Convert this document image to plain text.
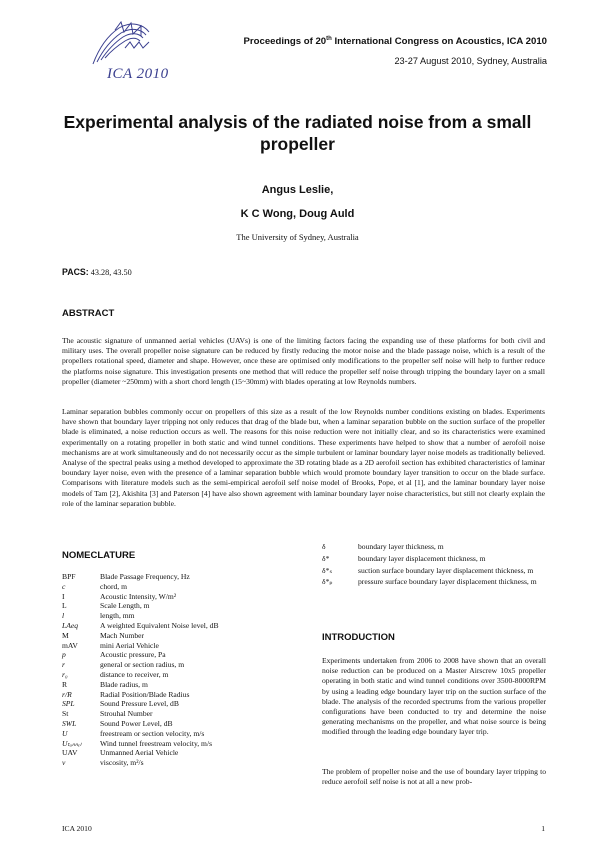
ICA 2010
Proceedings of 20th International Congress on Acoustics, ICA 2010
23-27 August 2010, Sydney, Australia
Experimental analysis of the radiated noise from a small propeller
Angus Leslie,
K C Wong, Doug Auld
The University of Sydney, Australia
PACS: 43.28, 43.50
ABSTRACT
The acoustic signature of unmanned aerial vehicles (UAVs) is one of the limiting factors facing the expanding use of these platforms for both civil and military uses. The overall propeller noise signature can be reduced by firstly reducing the motor noise and the blade passage noise, which is a result of the propellers rotational speed, diameter and shape. However, once these are optimised only modifications to the propeller self noise will help to further reduce the platforms noise signature. This investigation presents one method that will reduce the propeller self noise through tripping the boundary layer on a small propeller (diameter ~250mm) with a short chord length (15~30mm) with blades operating at low Reynolds numbers.
Laminar separation bubbles commonly occur on propellers of this size as a result of the low Reynolds number conditions existing on blades. Experiments have shown that boundary layer tripping not only reduces that drag of the blade but, when a laminar separation bubble on the suction surface of the propeller blade is eliminated, a noise reduction occurs as well. The reasons for this noise reduction were not initially clear, and so its characteristics were examined experimentally on a rotating propeller in both static and wind tunnel conditions. These experiments have helped to show that a number of aerofoil noise mechanisms are at work simultaneously and do not necessarily occur as the simple turbulent or laminar boundary layer noise models as traditionally believed. Analyse of the spectral peaks using a method developed to approximate the 3D rotating blade as a 2D aerofoil section has exhibited characteristics of laminar boundary layer noise, even with the presence of a laminar separation bubble which would promote boundary layer transition to occur on the blade surface. Comparisons with literature models such as the semi-empirical aerofoil self noise model of Brooks, Pope, et al [1], and the laminar boundary layer noise models of Tam [2], Akishita [3] and Paterson [4] have also shown agreement with laminar boundary layer noise characteristics, but still not clearly explain the role of the laminar separation bubble.
NOMECLATURE
BPF	Blade Passage Frequency, Hz
c	chord, m
I	Acoustic Intensity, W/m²
L	Scale Length, m
l	length, mm
LAeq	A weighted Equivalent Noise level, dB
M	Mach Number
mAV	mini Aerial Vehicle
p	Acoustic pressure, Pa
r	general or section radius, m
r₀	distance to receiver, m
R	Blade radius, m
r/R	Radial Position/Blade Radius
SPL	Sound Pressure Level, dB
St	Strouhal Number
SWL	Sound Power Level, dB
U	freestream or section velocity, m/s
Uₜᵤₙₙₑₗ	Wind tunnel freestream velocity, m/s
UAV	Unmanned Aerial Vehicle
ν	viscosity, m²/s
δ	boundary layer thickness, m
δ*	boundary layer displacement thickness, m
δ*ₛ	suction surface boundary layer displacement thickness, m
δ*ₚ	pressure surface boundary layer displacement thickness, m
INTRODUCTION
Experiments undertaken from 2006 to 2008 have shown that an overall noise reduction can be produced on a Master Airscrew 10x5 propeller operating in both static and wind tunnel conditions over 3500-8000RPM by using a leading edge boundary layer trip on the suction surface of the blade. The analysis of the recorded spectrums from the various propeller configurations have been conducted to try and determine the noise generating mechanisms on the propeller, and what noise source is being modified through the leading edge boundary layer trip.
The problem of propeller noise and the use of boundary layer tripping to reduce aerofoil self noise is not at all a new prob-
ICA 2010	1
